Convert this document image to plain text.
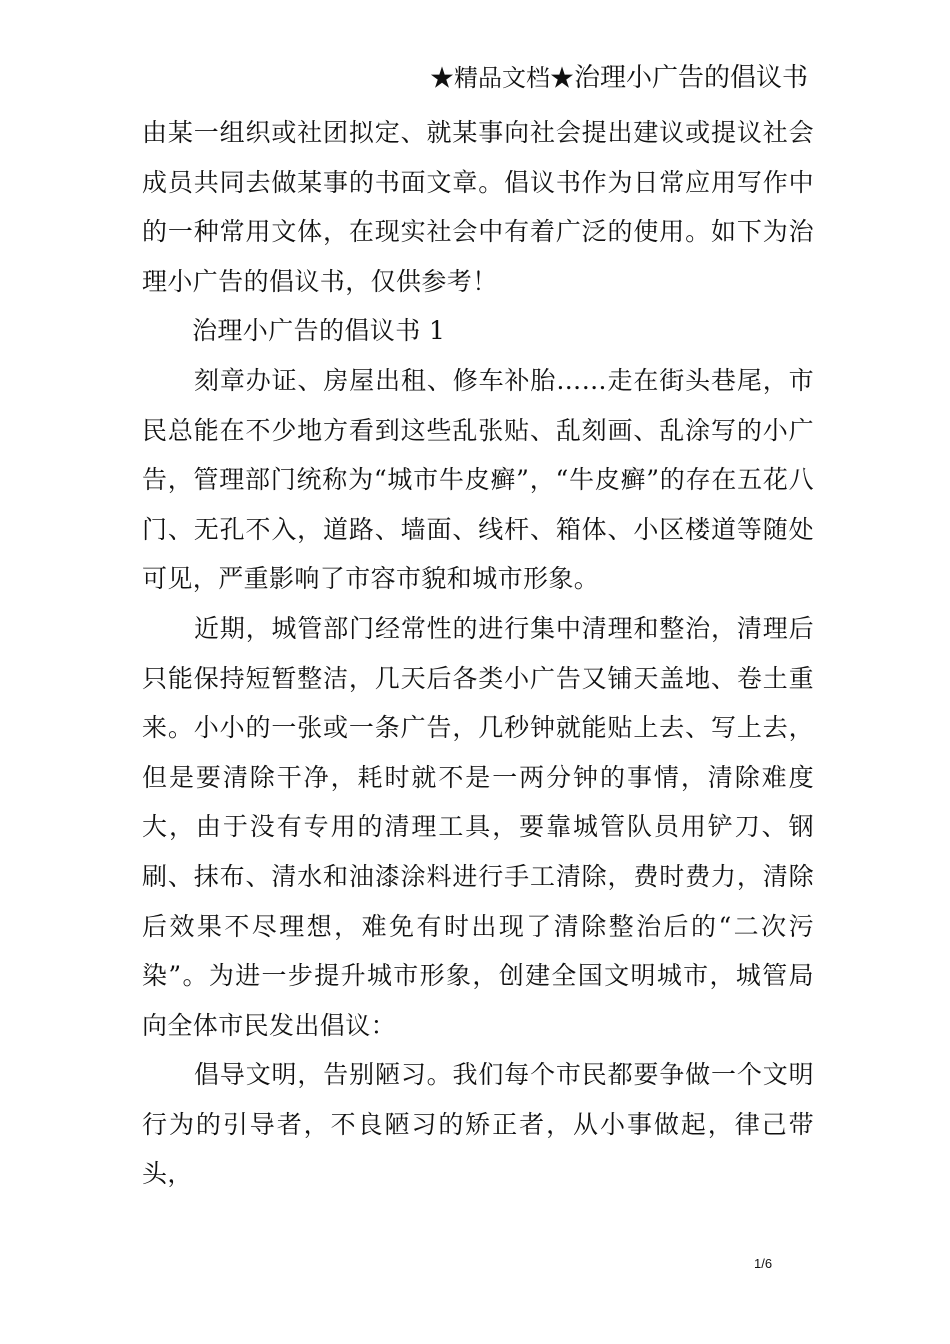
★精品文档★治理小广告的倡议书

由某一组织或社团拟定、就某事向社会提出建议或提议社会成员共同去做某事的书面文章。倡议书作为日常应用写作中的一种常用文体，在现实社会中有着广泛的使用。如下为治理小广告的倡议书，仅供参考！

治理小广告的倡议书 1

刻章办证、房屋出租、修车补胎……走在街头巷尾，市民总能在不少地方看到这些乱张贴、乱刻画、乱涂写的小广告，管理部门统称为“城市牛皮癣”，“牛皮癣”的存在五花八门、无孔不入，道路、墙面、线杆、箱体、小区楼道等随处可见，严重影响了市容市貌和城市形象。

近期，城管部门经常性的进行集中清理和整治，清理后只能保持短暂整洁，几天后各类小广告又铺天盖地、卷土重来。小小的一张或一条广告，几秒钟就能贴上去、写上去，但是要清除干净，耗时就不是一两分钟的事情，清除难度大，由于没有专用的清理工具，要靠城管队员用铲刀、钢刷、抹布、清水和油漆涂料进行手工清除，费时费力，清除后效果不尽理想，难免有时出现了清除整治后的“二次污染”。为进一步提升城市形象，创建全国文明城市，城管局向全体市民发出倡议：

倡导文明，告别陋习。我们每个市民都要争做一个文明行为的引导者，不良陋习的矫正者，从小事做起，律己带头，

1/6
